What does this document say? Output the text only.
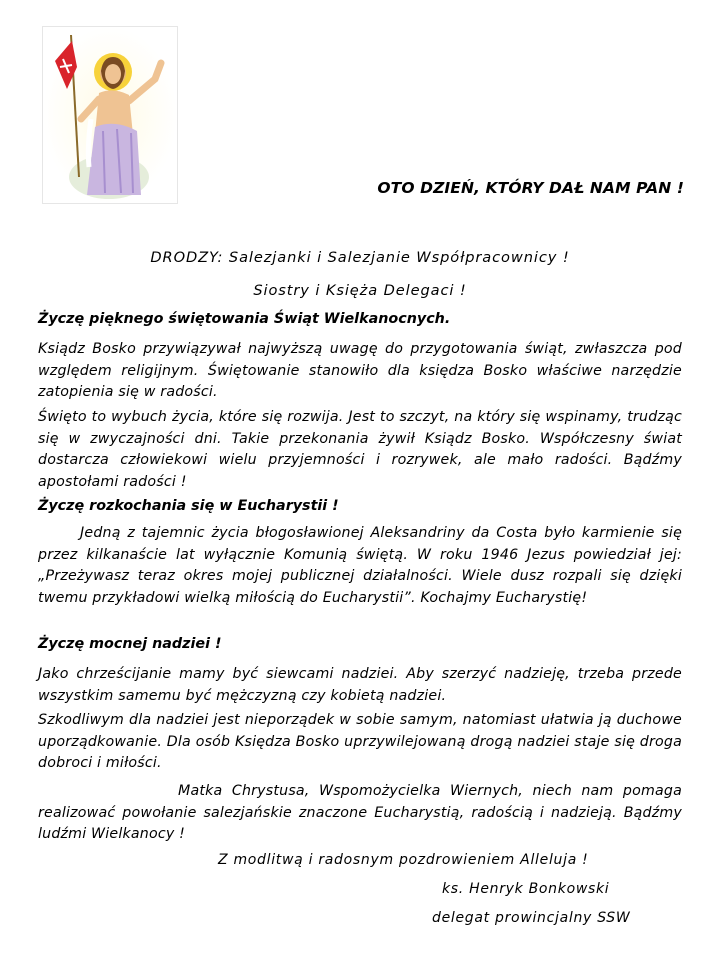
OTO DZIEŃ, KTÓRY DAŁ NAM PAN !
DRODZY: Salezjanki i Salezjanie Współpracownicy !
Siostry i Księża Delegaci !
Życzę pięknego świętowania Świąt Wielkanocnych.
Ksiądz Bosko przywiązywał najwyższą uwagę do przygotowania świąt, zwłaszcza pod względem religijnym. Świętowanie stanowiło dla księdza Bosko właściwe narzędzie zatopienia się w radości.
Święto to wybuch życia, które się rozwija. Jest to szczyt, na który się wspinamy, trudząc się w zwyczajności dni. Takie przekonania żywił Ksiądz Bosko. Współczesny świat dostarcza człowiekowi wielu przyjemności i rozrywek, ale mało radości. Bądźmy apostołami radości !
Życzę rozkochania się w Eucharystii !
Jedną z tajemnic życia błogosławionej Aleksandriny da Costa było karmienie się przez kilkanaście lat wyłącznie Komunią świętą. W roku 1946 Jezus powiedział jej: „Przeżywasz teraz okres mojej publicznej działalności. Wiele dusz rozpali się dzięki twemu przykładowi wielką miłością do Eucharystii”. Kochajmy Eucharystię!
Życzę mocnej nadziei !
Jako chrześcijanie mamy być siewcami nadziei. Aby szerzyć nadzieję, trzeba przede wszystkim samemu być mężczyzną czy kobietą nadziei.
Szkodliwym dla nadziei jest nieporządek w sobie samym, natomiast ułatwia ją duchowe uporządkowanie. Dla osób Księdza Bosko uprzywilejowaną drogą nadziei staje się droga dobroci i miłości.
Matka Chrystusa, Wspomożycielka Wiernych, niech nam pomaga realizować powołanie salezjańskie znaczone Eucharystią, radością i nadzieją. Bądźmy ludźmi Wielkanocy !
Z modlitwą i radosnym pozdrowieniem Alleluja !
ks. Henryk Bonkowski
delegat prowincjalny SSW
